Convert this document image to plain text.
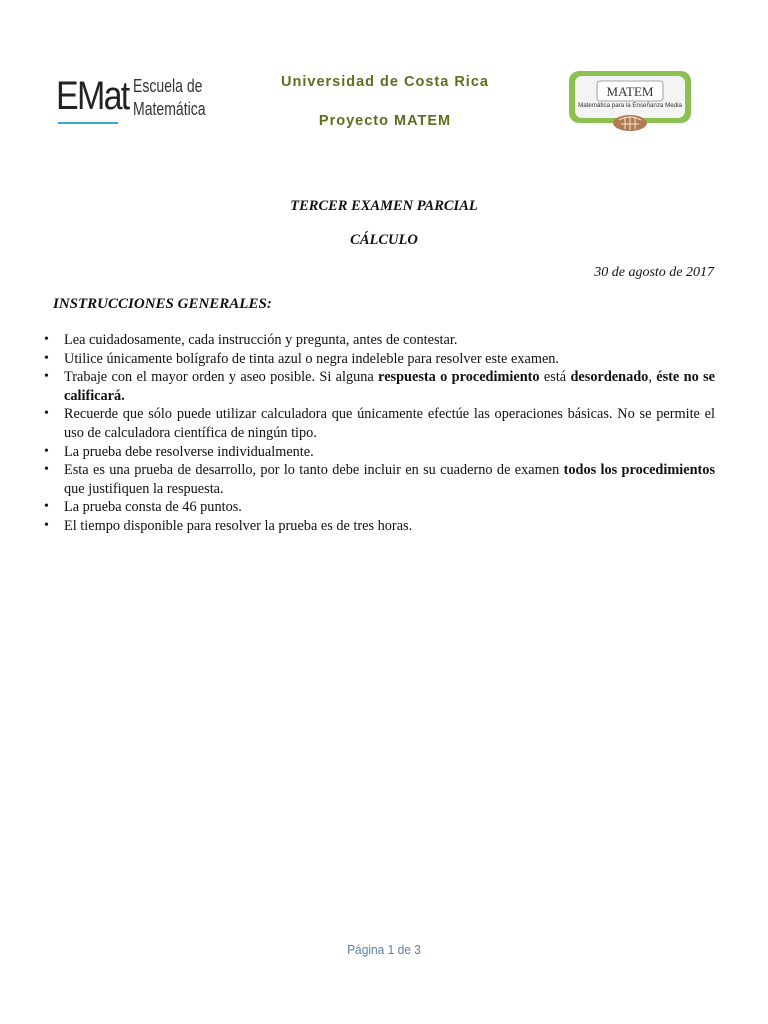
EMat Escuela de
Matemática
Universidad de Costa Rica
Proyecto MATEM
MATEM
Matemática para la Enseñanza Media
TERCER EXAMEN PARCIAL
CÁLCULO
30 de agosto de 2017
INSTRUCCIONES GENERALES:
• Lea cuidadosamente, cada instrucción y pregunta, antes de contestar.
• Utilice únicamente bolígrafo de tinta azul o negra indeleble para resolver este examen.
• Trabaje con el mayor orden y aseo posible. Si alguna respuesta o procedimiento está desordenado, éste no se calificará.
• Recuerde que sólo puede utilizar calculadora que únicamente efectúe las operaciones básicas. No se permite el uso de calculadora científica de ningún tipo.
• La prueba debe resolverse individualmente.
• Esta es una prueba de desarrollo, por lo tanto debe incluir en su cuaderno de examen todos los procedimientos que justifiquen la respuesta.
• La prueba consta de 46 puntos.
• El tiempo disponible para resolver la prueba es de tres horas.
Página 1 de 3
